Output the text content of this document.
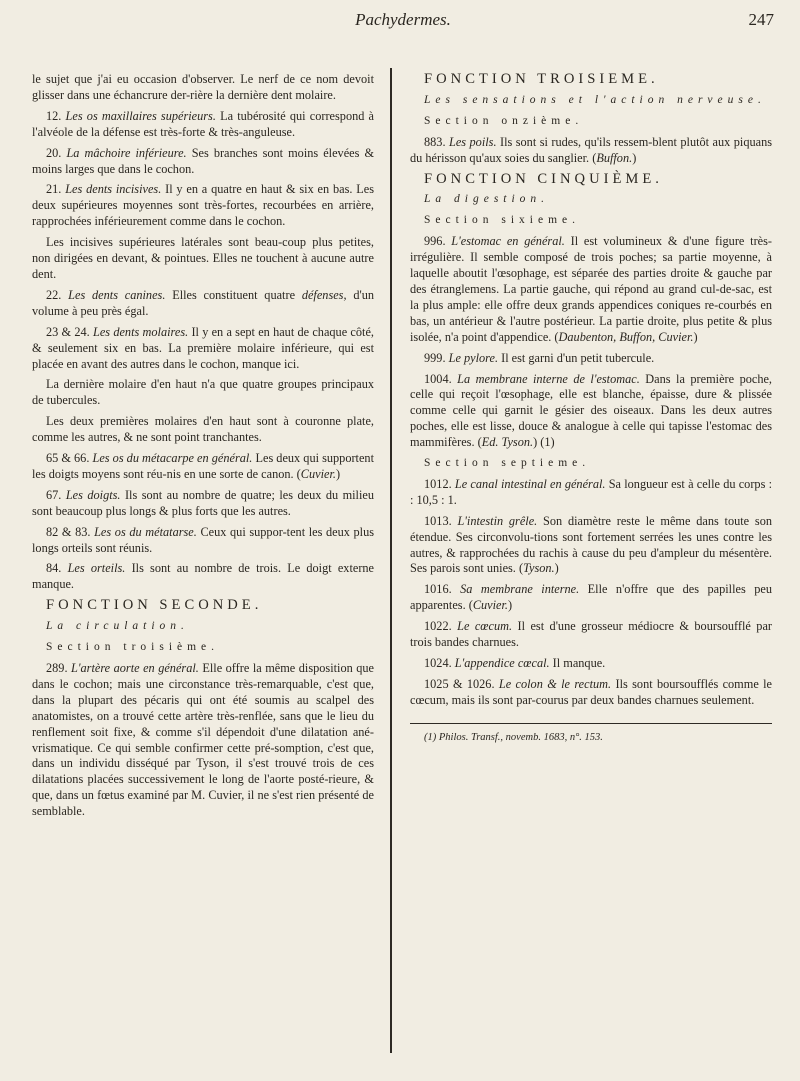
Pachydermes.	247

le sujet que j'ai eu occasion d'observer. Le nerf de ce nom devoit glisser dans une échancrure der-rière la dernière dent molaire.

12. Les os maxillaires supérieurs. La tubérosité qui correspond à l'alvéole de la défense est très-forte & très-anguleuse.

20. La mâchoire inférieure. Ses branches sont moins élevées & moins larges que dans le cochon.

21. Les dents incisives. Il y en a quatre en haut & six en bas. Les deux supérieures moyennes sont très-fortes, recourbées en arrière, rapprochées inférieurement comme dans le cochon.

Les incisives supérieures latérales sont beau-coup plus petites, non dirigées en devant, & pointues. Elles ne touchent à aucune autre dent.

22. Les dents canines. Elles constituent quatre défenses, d'un volume à peu près égal.

23 & 24. Les dents molaires. Il y en a sept en haut de chaque côté, & seulement six en bas. La première molaire inférieure, qui est placée en avant des autres dans le cochon, manque ici.

La dernière molaire d'en haut n'a que quatre groupes principaux de tubercules.

Les deux premières molaires d'en haut sont à couronne plate, comme les autres, & ne sont point tranchantes.

65 & 66. Les os du métacarpe en général. Les deux qui supportent les doigts moyens sont réu-nis en une sorte de canon. (Cuvier.)

67. Les doigts. Ils sont au nombre de quatre; les deux du milieu sont beaucoup plus longs & plus forts que les autres.

82 & 83. Les os du métatarse. Ceux qui suppor-tent les deux plus longs orteils sont réunis.

84. Les orteils. Ils sont au nombre de trois. Le doigt externe manque.

FONCTION SECONDE.

La circulation.

Section troisième.

289. L'artère aorte en général. Elle offre la même disposition que dans le cochon; mais une circonstance très-remarquable, c'est que, dans la plupart des pécaris qui ont été soumis au scalpel des anatomistes, on a trouvé cette artère très-renflée, sans que le lieu du renflement soit fixe, & comme s'il dépendoit d'une dilatation ané-vrismatique. Ce qui semble confirmer cette pré-somption, c'est que, dans un individu disséqué par Tyson, il s'est trouvé trois de ces dilatations placées successivement le long de l'aorte posté-rieure, & que, dans un fœtus examiné par M. Cuvier, il ne s'est rien présenté de semblable.

FONCTION TROISIEME.

Les sensations et l'action nerveuse.

Section onzième.

883. Les poils. Ils sont si rudes, qu'ils ressem-blent plutôt aux piquans du hérisson qu'aux soies du sanglier. (Buffon.)

FONCTION CINQUIÈME.

La digestion.

Section sixieme.

996. L'estomac en général. Il est volumineux & d'une figure très-irrégulière. Il semble composé de trois poches; sa partie moyenne, à laquelle aboutit l'œsophage, est séparée des parties droite & gauche par des étranglemens. La partie gauche, qui répond au grand cul-de-sac, est la plus ample: elle offre deux grands appendices coniques re-courbés en bas, un antérieur & l'autre postérieur. La partie droite, plus petite & plus isolée, n'a point d'appendice. (Daubenton, Buffon, Cuvier.)

999. Le pylore. Il est garni d'un petit tubercule.

1004. La membrane interne de l'estomac. Dans la première poche, celle qui reçoit l'œsophage, elle est blanche, épaisse, dure & plissée comme celle qui garnit le gésier des oiseaux. Dans les deux autres poches, elle est lisse, douce & analogue à celle qui tapisse l'estomac des mammifères. (Ed. Tyson.) (1)

Section septieme.

1012. Le canal intestinal en général. Sa longueur est à celle du corps : : 10,5 : 1.

1013. L'intestin grêle. Son diamètre reste le même dans toute son étendue. Ses circonvolu-tions sont fortement serrées les unes contre les autres, & rapprochées du rachis à cause du peu d'ampleur du mésentère. Ses parois sont unies. (Tyson.)

1016. Sa membrane interne. Elle n'offre que des papilles peu apparentes. (Cuvier.)

1022. Le cœcum. Il est d'une grosseur médiocre & boursoufflé par trois bandes charnues.

1024. L'appendice cœcal. Il manque.

1025 & 1026. Le colon & le rectum. Ils sont boursoufflés comme le cœcum, mais ils sont par-courus par deux bandes charnues seulement.

(1) Philos. Transf., novemb. 1683, n°. 153.
